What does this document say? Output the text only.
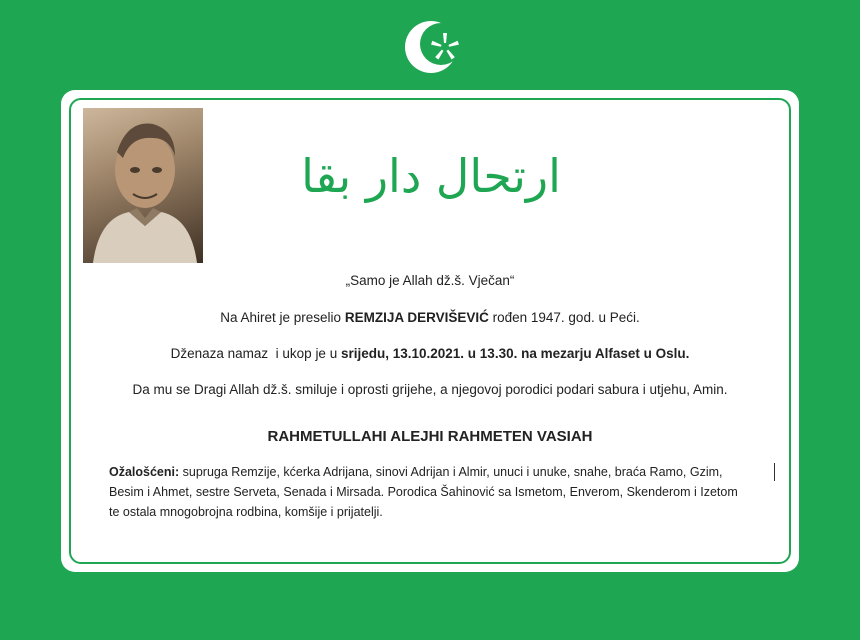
ارتحال دار بقا
„Samo je Allah dž.š. Vječan“
Na Ahiret je preselio REMZIJA DERVIŠEVIĆ rođen 1947. god. u Peći.
Dženaza namaz  i ukop je u srijedu, 13.10.2021. u 13.30. na mezarju Alfaset u Oslu.
Da mu se Dragi Allah dž.š. smiluje i oprosti grijehe, a njegovoj porodici podari sabura i utjehu, Amin.
RAHMETULLAHI ALEJHI RAHMETEN VASIAH
Ožalošćeni: supruga Remzije, kćerka Adrijana, sinovi Adrijan i Almir, unuci i unuke, snahe, braća Ramo, Gzim,
Besim i Ahmet, sestre Serveta, Senada i Mirsada. Porodica Šahinović sa Ismetom, Enverom, Skenderom i Izetom
te ostala mnogobrojna rodbina, komšije i prijatelji.
